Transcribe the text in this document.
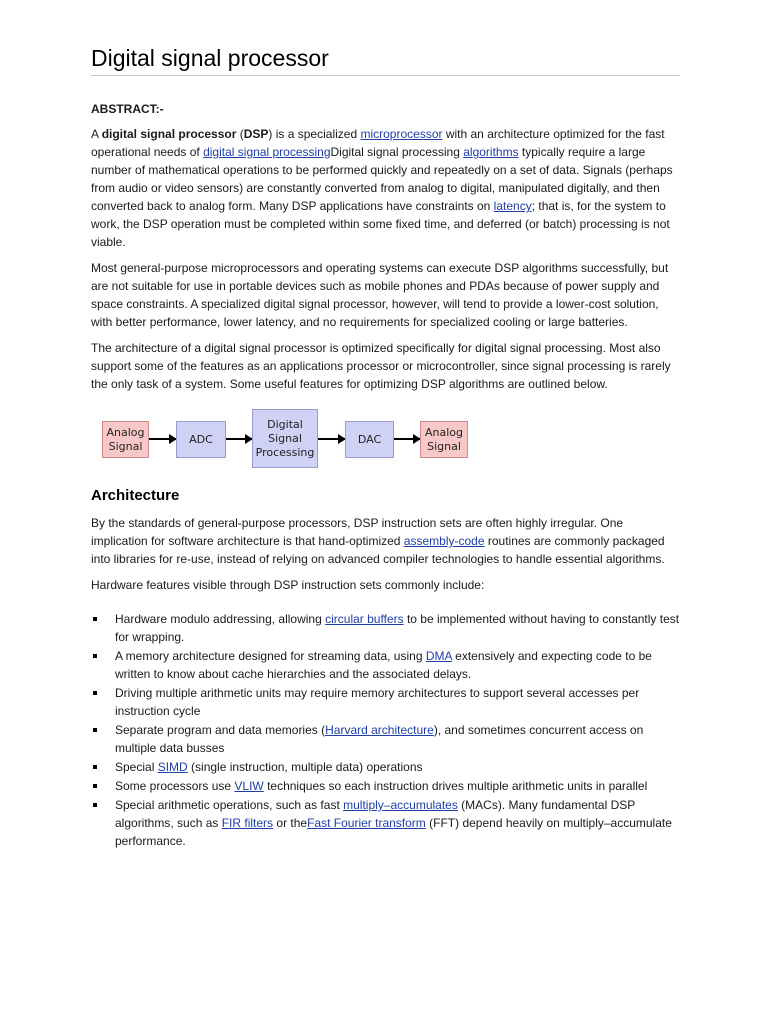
Digital signal processor
ABSTRACT:-

A digital signal processor (DSP) is a specialized microprocessor with an architecture optimized for the fast operational needs of digital signal processingDigital signal processing algorithms typically require a large number of mathematical operations to be performed quickly and repeatedly on a set of data. Signals (perhaps from audio or video sensors) are constantly converted from analog to digital, manipulated digitally, and then converted back to analog form. Many DSP applications have constraints on latency; that is, for the system to work, the DSP operation must be completed within some fixed time, and deferred (or batch) processing is not viable.

Most general-purpose microprocessors and operating systems can execute DSP algorithms successfully, but are not suitable for use in portable devices such as mobile phones and PDAs because of power supply and space constraints. A specialized digital signal processor, however, will tend to provide a lower-cost solution, with better performance, lower latency, and no requirements for specialized cooling or large batteries.

The architecture of a digital signal processor is optimized specifically for digital signal processing. Most also support some of the features as an applications processor or microcontroller, since signal processing is rarely the only task of a system. Some useful features for optimizing DSP algorithms are outlined below.

Analog
Signal
ADC
Digital
Signal
Processing
DAC
Analog
Signal
Architecture

By the standards of general-purpose processors, DSP instruction sets are often highly irregular. One implication for software architecture is that hand-optimized assembly-code routines are commonly packaged into libraries for re-use, instead of relying on advanced compiler technologies to handle essential algorithms.

Hardware features visible through DSP instruction sets commonly include:

Hardware modulo addressing, allowing circular buffers to be implemented without having to constantly test for wrapping.
A memory architecture designed for streaming data, using DMA extensively and expecting code to be written to know about cache hierarchies and the associated delays.
Driving multiple arithmetic units may require memory architectures to support several accesses per instruction cycle
Separate program and data memories (Harvard architecture), and sometimes concurrent access on multiple data busses
Special SIMD (single instruction, multiple data) operations
Some processors use VLIW techniques so each instruction drives multiple arithmetic units in parallel
Special arithmetic operations, such as fast multiply–accumulates (MACs). Many fundamental DSP algorithms, such as FIR filters or theFast Fourier transform (FFT) depend heavily on multiply–accumulate performance.
